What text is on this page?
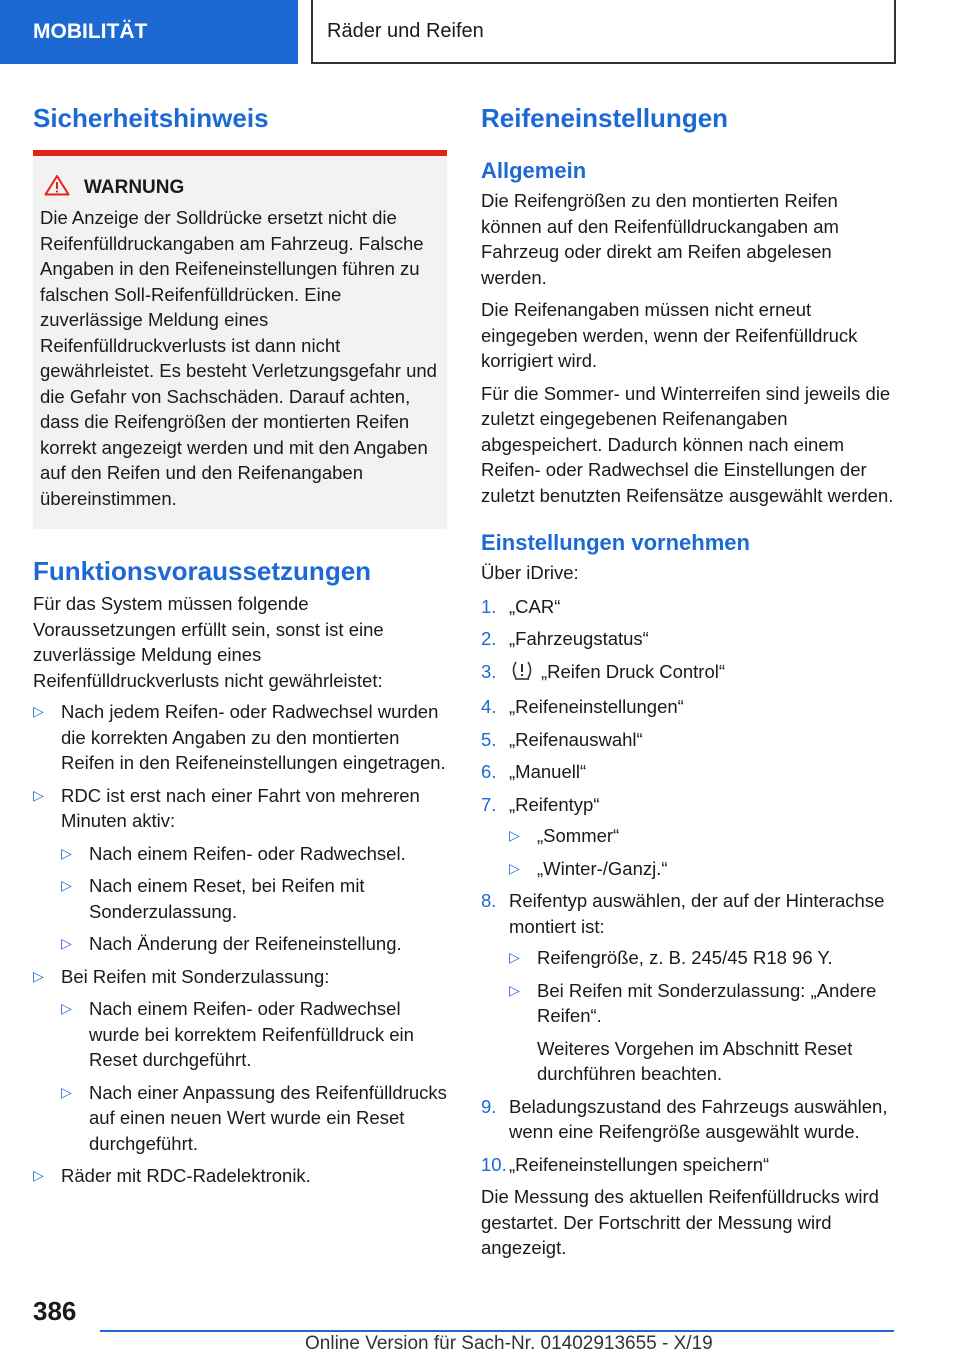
MOBILITÄT	Räder und Reifen
Sicherheitshinweis
WARNUNG

Die Anzeige der Solldrücke ersetzt nicht die Reifenfülldruckangaben am Fahrzeug. Falsche Angaben in den Reifeneinstellungen führen zu falschen Soll-Reifenfülldrücken. Eine zuverlässige Meldung eines Reifenfülldruckverlusts ist dann nicht gewährleistet. Es besteht Verletzungsgefahr und die Gefahr von Sachschäden. Darauf achten, dass die Reifengrößen der montierten Reifen korrekt angezeigt werden und mit den Angaben auf den Reifen und den Reifenangaben übereinstimmen.

Funktionsvoraussetzungen

Für das System müssen folgende Voraussetzungen erfüllt sein, sonst ist eine zuverlässige Meldung eines Reifenfülldruckverlusts nicht gewährleistet:

▷ Nach jedem Reifen- oder Radwechsel wurden die korrekten Angaben zu den montierten Reifen in den Reifeneinstellungen eingetragen.
▷ RDC ist erst nach einer Fahrt von mehreren Minuten aktiv:
▷ Nach einem Reifen- oder Radwechsel.
▷ Nach einem Reset, bei Reifen mit Sonderzulassung.
▷ Nach Änderung der Reifeneinstellung.
▷ Bei Reifen mit Sonderzulassung:
▷ Nach einem Reifen- oder Radwechsel wurde bei korrektem Reifenfülldruck ein Reset durchgeführt.
▷ Nach einer Anpassung des Reifenfülldrucks auf einen neuen Wert wurde ein Reset durchgeführt.
▷ Räder mit RDC-Radelektronik.
Reifeneinstellungen
Allgemein

Die Reifengrößen zu den montierten Reifen können auf den Reifenfülldruckangaben am Fahrzeug oder direkt am Reifen abgelesen werden.

Die Reifenangaben müssen nicht erneut eingegeben werden, wenn der Reifenfülldruck korrigiert wird.

Für die Sommer- und Winterreifen sind jeweils die zuletzt eingegebenen Reifenangaben abgespeichert. Dadurch können nach einem Reifen- oder Radwechsel die Einstellungen der zuletzt benutzten Reifensätze ausgewählt werden.

Einstellungen vornehmen

Über iDrive:

1. „CAR“
2. „Fahrzeugstatus“
3. „Reifen Druck Control“
4. „Reifeneinstellungen“
5. „Reifenauswahl“
6. „Manuell“
7. „Reifentyp“
▷ „Sommer“
▷ „Winter-/Ganzj.“
8. Reifentyp auswählen, der auf der Hinterachse montiert ist:
▷ Reifengröße, z. B. 245/45 R18 96 Y.
▷ Bei Reifen mit Sonderzulassung: „Andere Reifen“.

Weiteres Vorgehen im Abschnitt Reset durchführen beachten.

9. Beladungszustand des Fahrzeugs auswählen, wenn eine Reifengröße ausgewählt wurde.
10. „Reifeneinstellungen speichern“

Die Messung des aktuellen Reifenfülldrucks wird gestartet. Der Fortschritt der Messung wird angezeigt.

386
Online Version für Sach-Nr. 01402913655 - X/19
